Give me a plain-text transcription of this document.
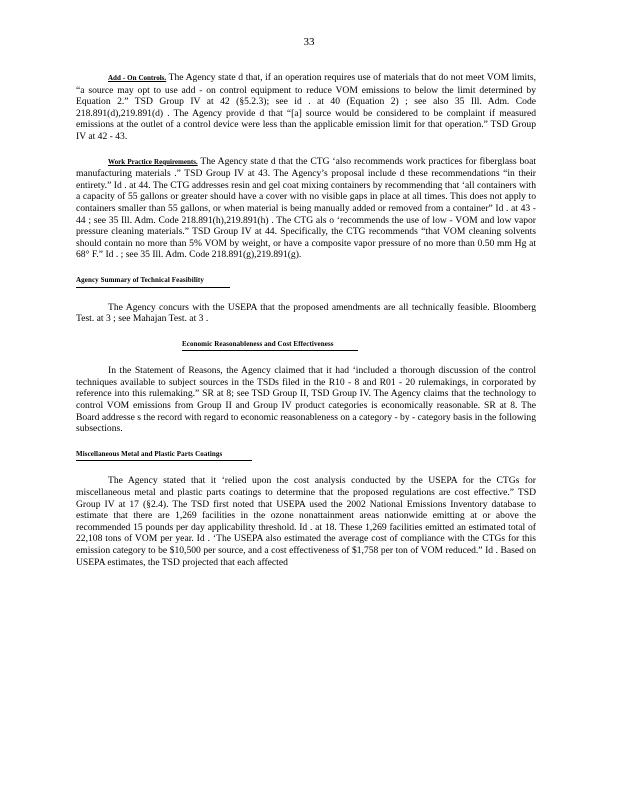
33

Add - On Controls. The Agency state d that, if an operation requires use of materials that do not meet VOM limits, “a source may opt to use add - on control equipment to reduce VOM emissions to below the limit determined by Equation 2.” TSD Group IV at 42 (§5.2.3); see id . at 40 (Equation 2) ; see also 35 Ill. Adm. Code 218.891(d),219.891(d) . The Agency provide d that “[a] source would be considered to be complaint if measured emissions at the outlet of a control device were less than the applicable emission limit for that operation.” TSD Group IV at 42 - 43.

Work Practice Requirements. The Agency state d that the CTG ‘also recommends work practices for fiberglass boat manufacturing materials .” TSD Group IV at 43. The Agency’s proposal include d these recommendations “in their entirety.” Id . at 44. The CTG addresses resin and gel coat mixing containers by recommending that ‘all containers with a capacity of 55 gallons or greater should have a cover with no visible gaps in place at all times. This does not apply to containers smaller than 55 gallons, or when material is being manually added or removed from a container” Id . at 43 - 44 ; see 35 Ill. Adm. Code 218.891(h),219.891(h) . The CTG als o ‘recommends the use of low - VOM and low vapor pressure cleaning materials.” TSD Group IV at 44. Specifically, the CTG recommends “that VOM cleaning solvents should contain no more than 5% VOM by weight, or have a composite vapor pressure of no more than 0.50 mm Hg at 68° F.” Id . ; see 35 Ill. Adm. Code 218.891(g),219.891(g).

Agency Summary of Technical Feasibility

The Agency concurs with the USEPA that the proposed amendments are all technically feasible. Bloomberg Test. at 3 ; see Mahajan Test. at 3 .

Economic Reasonableness and Cost Effectiveness

In the Statement of Reasons, the Agency claimed that it had ‘included a thorough discussion of the control techniques available to subject sources in the TSDs filed in the R10 - 8 and R01 - 20 rulemakings, in corporated by reference into this rulemaking.” SR at 8; see TSD Group II, TSD Group IV. The Agency claims that the technology to control VOM emissions from Group II and Group IV product categories is economically reasonable. SR at 8. The Board addresse s the record with regard to economic reasonableness on a category - by - category basis in the following subsections.

Miscellaneous Metal and Plastic Parts Coatings

The Agency stated that it ‘relied upon the cost analysis conducted by the USEPA for the CTGs for miscellaneous metal and plastic parts coatings to determine that the proposed regulations are cost effective.” TSD Group IV at 17 (§2.4). The TSD first noted that USEPA used the 2002 National Emissions Inventory database to estimate that there are 1,269 facilities in the ozone nonattainment areas nationwide emitting at or above the recommended 15 pounds per day applicability threshold. Id . at 18. These 1,269 facilities emitted an estimated total of 22,108 tons of VOM per year. Id . ‘The USEPA also estimated the average cost of compliance with the CTGs for this emission category to be $10,500 per source, and a cost effectiveness of $1,758 per ton of VOM reduced.” Id . Based on USEPA estimates, the TSD projected that each affected
